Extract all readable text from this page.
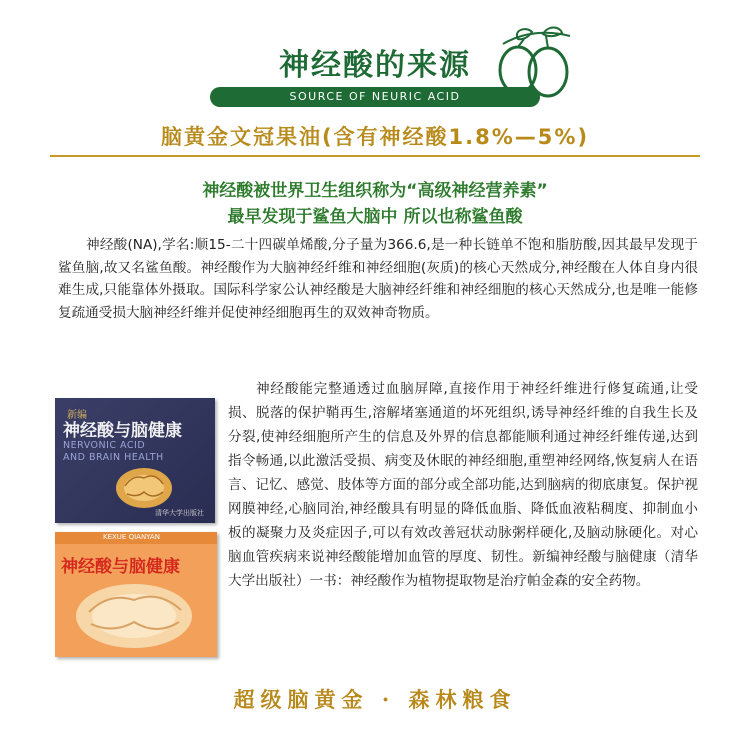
神经酸的来源
SOURCE OF NEURIC ACID
脑黄金文冠果油(含有神经酸1.8%—5%)
神经酸被世界卫生组织称为“高级神经营养素”
最早发现于鲨鱼大脑中 所以也称鲨鱼酸
神经酸(NA),学名:顺15-二十四碳单烯酸,分子量为366.6,是一种长链单不饱和脂肪酸,因其最早发现于鲨鱼脑,故又名鲨鱼酸。神经酸作为大脑神经纤维和神经细胞(灰质)的核心天然成分,神经酸在人体自身内很难生成,只能靠体外摄取。国际科学家公认神经酸是大脑神经纤维和神经细胞的核心天然成分,也是唯一能修复疏通受损大脑神经纤维并促使神经细胞再生的双效神奇物质。
新编
神经酸与脑健康
NERVONIC ACID
AND BRAIN HEALTH
清华大学出版社
KEXUE QIANYAN
神经酸与脑健康
神经酸能完整通透过血脑屏障,直接作用于神经纤维进行修复疏通,让受损、脱落的保护鞘再生,溶解堵塞通道的坏死组织,诱导神经纤维的自我生长及分裂,使神经细胞所产生的信息及外界的信息都能顺利通过神经纤维传递,达到指令畅通,以此激活受损、病变及休眠的神经细胞,重塑神经网络,恢复病人在语言、记忆、感觉、肢体等方面的部分或全部功能,达到脑病的彻底康复。保护视网膜神经,心脑同治,神经酸具有明显的降低血脂、降低血液粘稠度、抑制血小板的凝聚力及炎症因子,可以有效改善冠状动脉粥样硬化,及脑动脉硬化。对心脑血管疾病来说神经酸能增加血管的厚度、韧性。新编神经酸与脑健康（清华大学出版社）一书：神经酸作为植物提取物是治疗帕金森的安全药物。
超级脑黄金 · 森林粮食
